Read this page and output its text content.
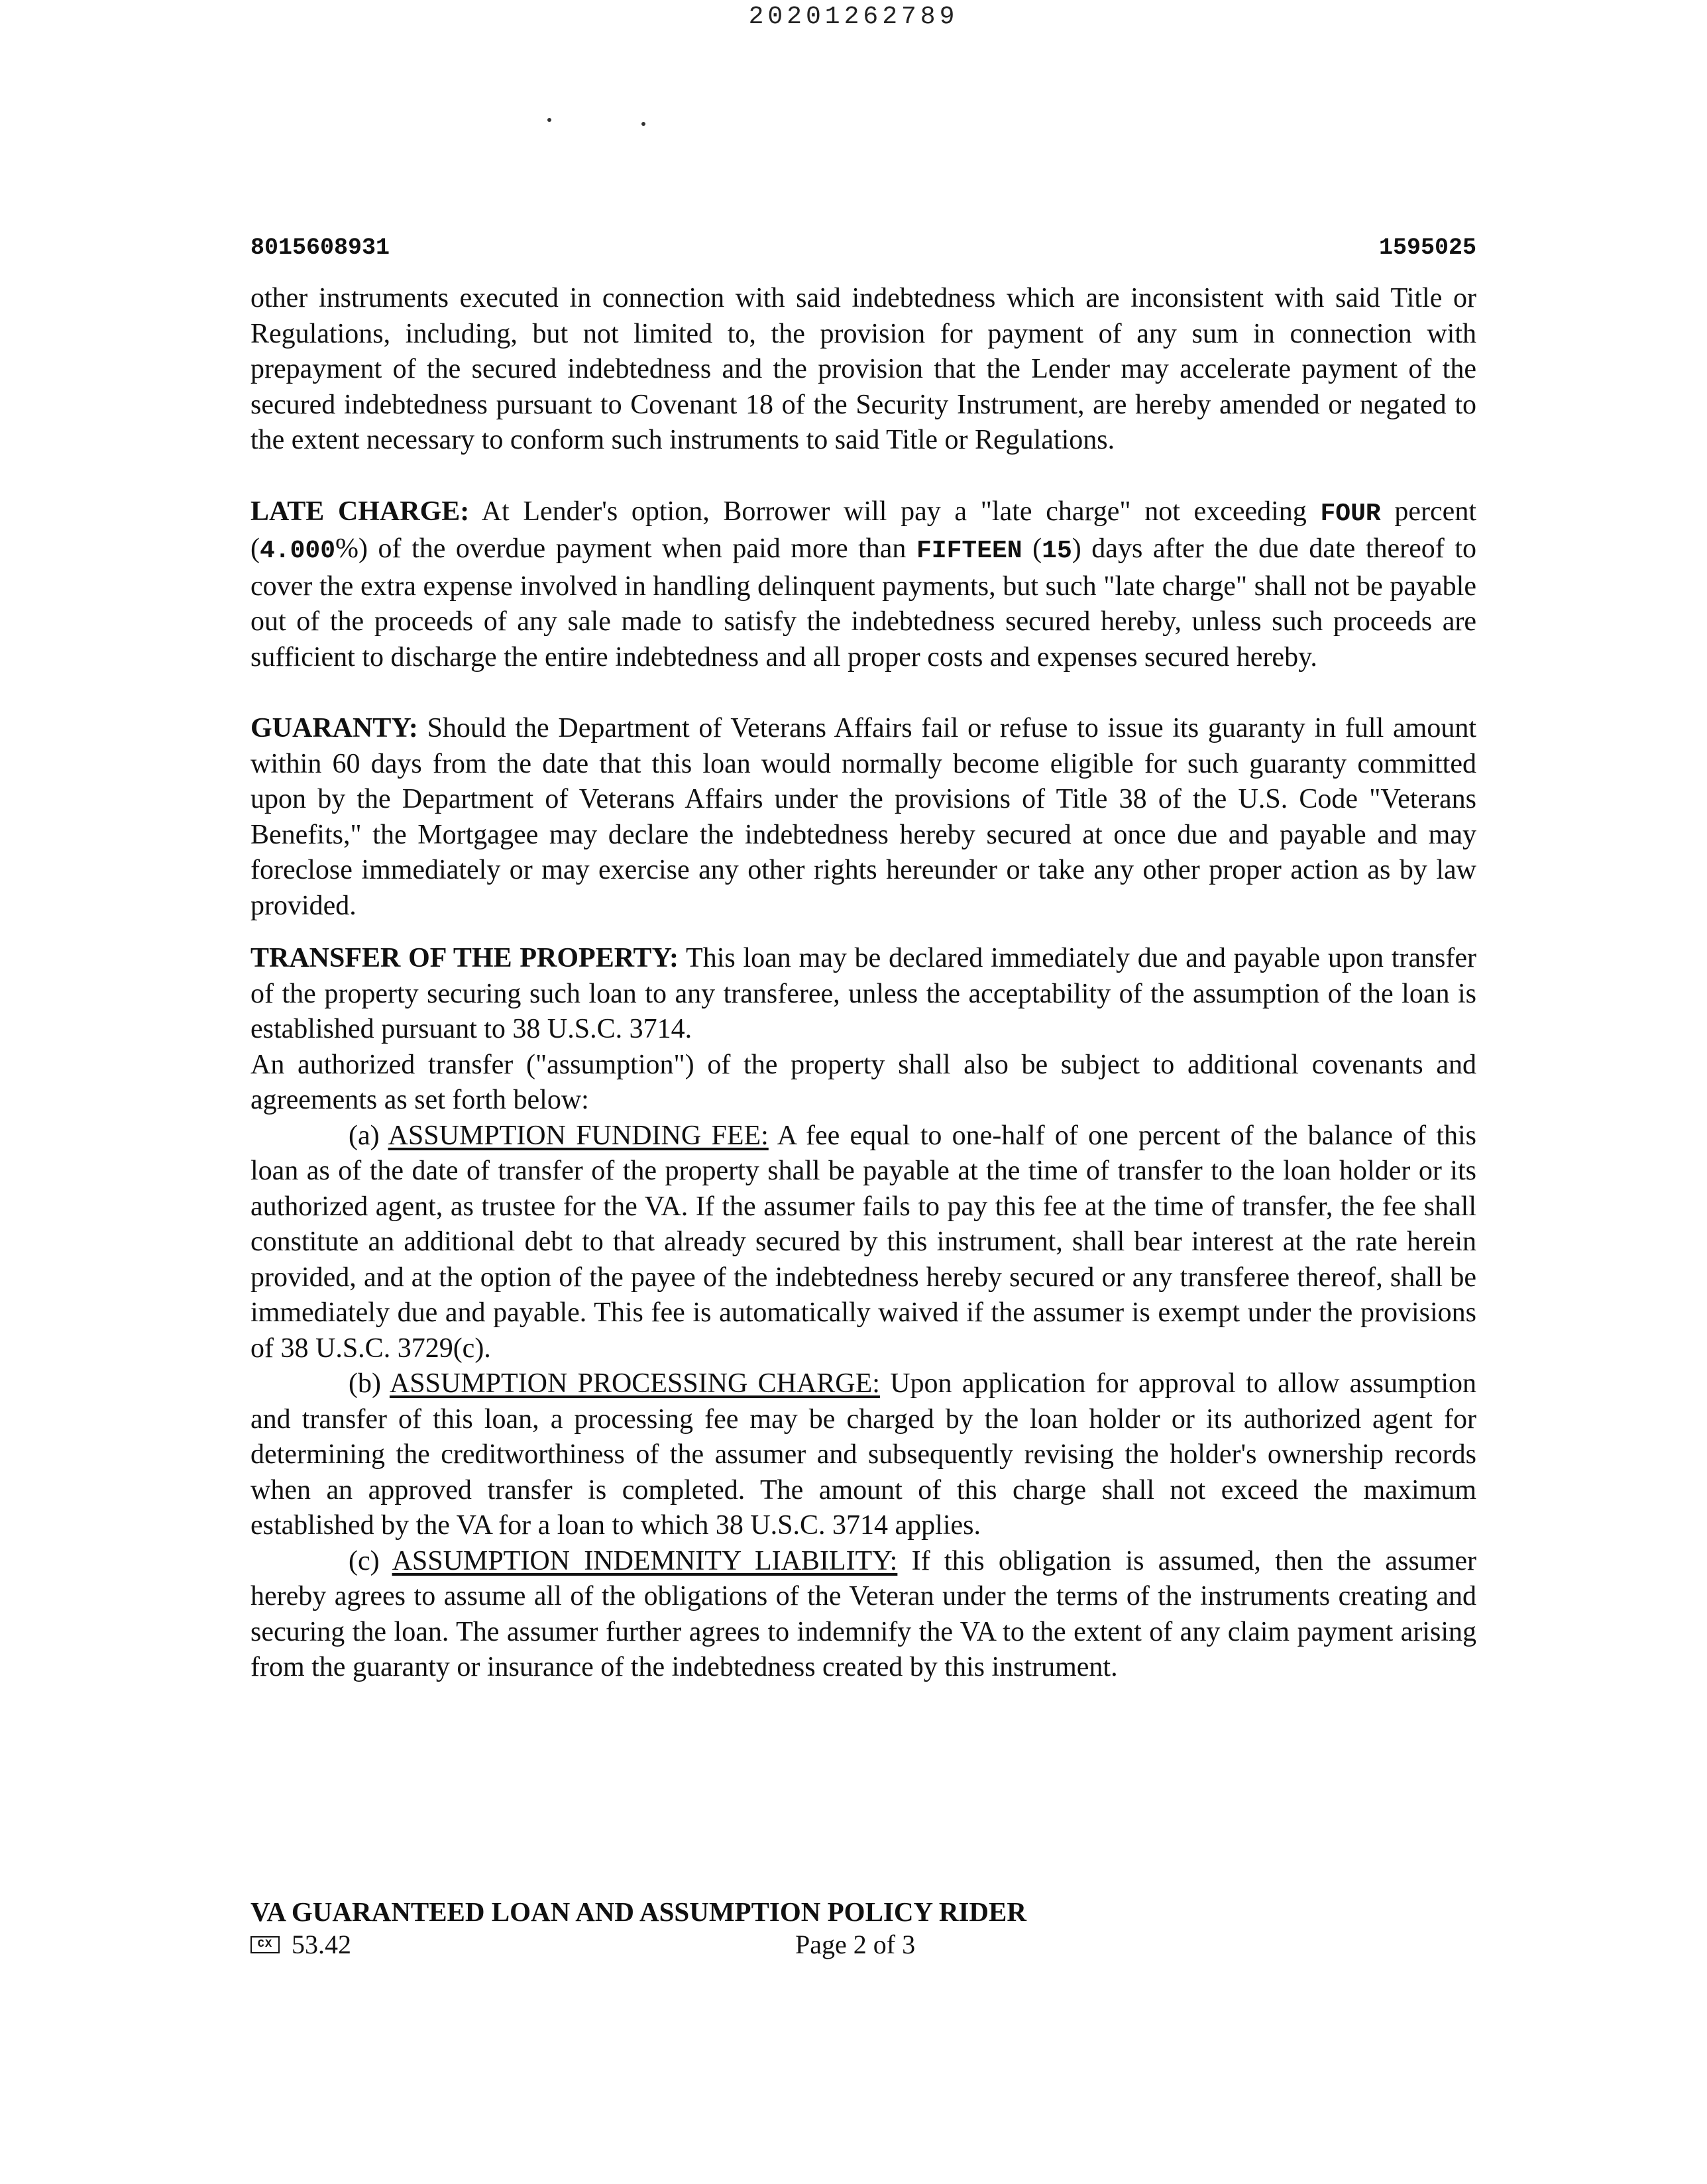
20201262789
8015608931	1595025

other instruments executed in connection with said indebtedness which are inconsistent with said Title or Regulations, including, but not limited to, the provision for payment of any sum in connection with prepayment of the secured indebtedness and the provision that the Lender may accelerate payment of the secured indebtedness pursuant to Covenant 18 of the Security Instrument, are hereby amended or negated to the extent necessary to conform such instruments to said Title or Regulations.

LATE CHARGE: At Lender's option, Borrower will pay a "late charge" not exceeding FOUR percent (4.000%) of the overdue payment when paid more than FIFTEEN (15) days after the due date thereof to cover the extra expense involved in handling delinquent payments, but such "late charge" shall not be payable out of the proceeds of any sale made to satisfy the indebtedness secured hereby, unless such proceeds are sufficient to discharge the entire indebtedness and all proper costs and expenses secured hereby.

GUARANTY: Should the Department of Veterans Affairs fail or refuse to issue its guaranty in full amount within 60 days from the date that this loan would normally become eligible for such guaranty committed upon by the Department of Veterans Affairs under the provisions of Title 38 of the U.S. Code "Veterans Benefits," the Mortgagee may declare the indebtedness hereby secured at once due and payable and may foreclose immediately or may exercise any other rights hereunder or take any other proper action as by law provided.

TRANSFER OF THE PROPERTY: This loan may be declared immediately due and payable upon transfer of the property securing such loan to any transferee, unless the acceptability of the assumption of the loan is established pursuant to 38 U.S.C. 3714.

An authorized transfer ("assumption") of the property shall also be subject to additional covenants and agreements as set forth below:

(a) ASSUMPTION FUNDING FEE: A fee equal to one-half of one percent of the balance of this loan as of the date of transfer of the property shall be payable at the time of transfer to the loan holder or its authorized agent, as trustee for the VA. If the assumer fails to pay this fee at the time of transfer, the fee shall constitute an additional debt to that already secured by this instrument, shall bear interest at the rate herein provided, and at the option of the payee of the indebtedness hereby secured or any transferee thereof, shall be immediately due and payable. This fee is automatically waived if the assumer is exempt under the provisions of 38 U.S.C. 3729(c).

(b) ASSUMPTION PROCESSING CHARGE: Upon application for approval to allow assumption and transfer of this loan, a processing fee may be charged by the loan holder or its authorized agent for determining the creditworthiness of the assumer and subsequently revising the holder's ownership records when an approved transfer is completed. The amount of this charge shall not exceed the maximum established by the VA for a loan to which 38 U.S.C. 3714 applies.

(c) ASSUMPTION INDEMNITY LIABILITY: If this obligation is assumed, then the assumer hereby agrees to assume all of the obligations of the Veteran under the terms of the instruments creating and securing the loan. The assumer further agrees to indemnify the VA to the extent of any claim payment arising from the guaranty or insurance of the indebtedness created by this instrument.

VA GUARANTEED LOAN AND ASSUMPTION POLICY RIDER
CX 53.42	Page 2 of 3
